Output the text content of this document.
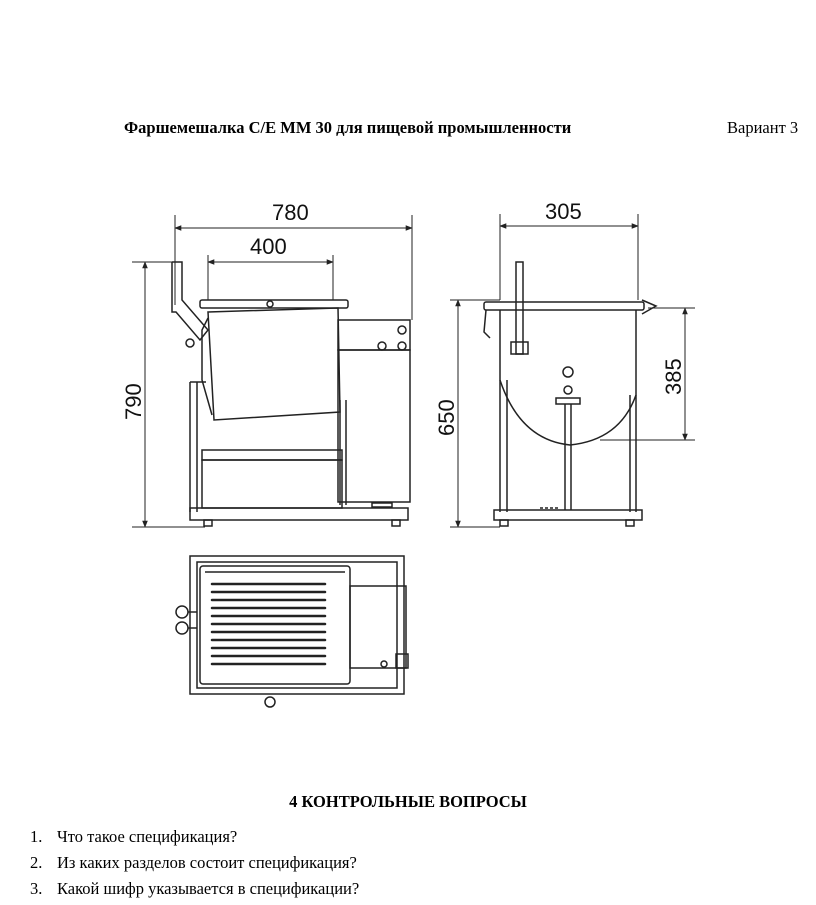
Фаршемешалка C/E MM 30 для пищевой промышленности	Вариант 3
780
400
790
305
650
385
4 КОНТРОЛЬНЫЕ ВОПРОСЫ
1. Что такое спецификация?
2. Из каких разделов состоит спецификация?
3. Какой шифр указывается в спецификации?
